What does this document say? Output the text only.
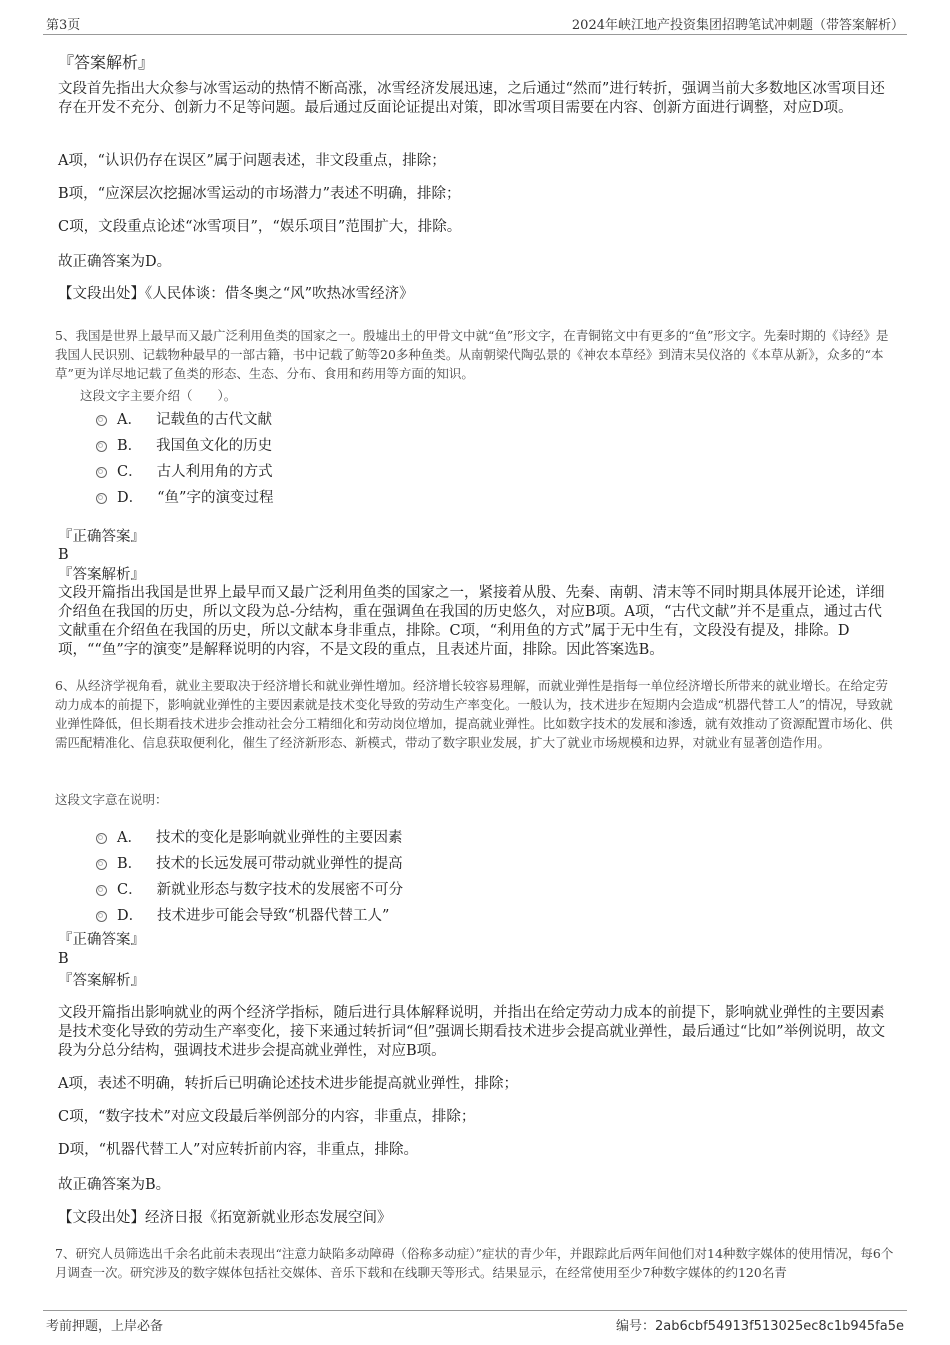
第3页	2024年峡江地产投资集团招聘笔试冲刺题（带答案解析）
『答案解析』

文段首先指出大众参与冰雪运动的热情不断高涨，冰雪经济发展迅速，之后通过“然而”进行转折，强调当前大多数地区冰雪项目还存在开发不充分、创新力不足等问题。最后通过反面论证提出对策，即冰雪项目需要在内容、创新方面进行调整，对应D项。

A项，“认识仍存在误区”属于问题表述，非文段重点，排除；

B项，“应深层次挖掘冰雪运动的市场潜力”表述不明确，排除；

C项，文段重点论述“冰雪项目”，“娱乐项目”范围扩大，排除。

故正确答案为D。

【文段出处】《人民体谈：借冬奥之“风”吹热冰雪经济》

5、我国是世界上最早而又最广泛利用鱼类的国家之一。殷墟出土的甲骨文中就“鱼”形文字，在青铜铭文中有更多的“鱼”形文字。先秦时期的《诗经》是我国人民识别、记载物种最早的一部古籍，书中记载了鲂等20多种鱼类。从南朝梁代陶弘景的《神农本草经》到清末吴仪洛的《本草从新》，众多的“本草”更为详尽地记载了鱼类的形态、生态、分布、食用和药用等方面的知识。

这段文字主要介绍（　　）。

A． 记载鱼的古代文献
B． 我国鱼文化的历史
C． 古人利用角的方式
D． “鱼”字的演变过程

『正确答案』

B

『答案解析』

文段开篇指出我国是世界上最早而又最广泛利用鱼类的国家之一，紧接着从殷、先秦、南朝、清末等不同时期具体展开论述，详细介绍鱼在我国的历史，所以文段为总-分结构，重在强调鱼在我国的历史悠久，对应B项。A项，“古代文献”并不是重点，通过古代文献重在介绍鱼在我国的历史，所以文献本身非重点，排除。C项，“利用鱼的方式”属于无中生有，文段没有提及，排除。D项，““鱼”字的演变”是解释说明的内容，不是文段的重点，且表述片面，排除。因此答案选B。

6、从经济学视角看，就业主要取决于经济增长和就业弹性增加。经济增长较容易理解，而就业弹性是指每一单位经济增长所带来的就业增长。在给定劳动力成本的前提下，影响就业弹性的主要因素就是技术变化导致的劳动生产率变化。一般认为，技术进步在短期内会造成“机器代替工人”的情况，导致就业弹性降低，但长期看技术进步会推动社会分工精细化和劳动岗位增加，提高就业弹性。比如数字技术的发展和渗透，就有效推动了资源配置市场化、供需匹配精准化、信息获取便利化，催生了经济新形态、新模式，带动了数字职业发展，扩大了就业市场规模和边界，对就业有显著创造作用。

这段文字意在说明：

A． 技术的变化是影响就业弹性的主要因素
B． 技术的长远发展可带动就业弹性的提高
C． 新就业形态与数字技术的发展密不可分
D． 技术进步可能会导致“机器代替工人”

『正确答案』

B

『答案解析』

文段开篇指出影响就业的两个经济学指标，随后进行具体解释说明，并指出在给定劳动力成本的前提下，影响就业弹性的主要因素是技术变化导致的劳动生产率变化，接下来通过转折词“但”强调长期看技术进步会提高就业弹性，最后通过“比如”举例说明，故文段为分总分结构，强调技术进步会提高就业弹性，对应B项。

A项，表述不明确，转折后已明确论述技术进步能提高就业弹性，排除；

C项，“数字技术”对应文段最后举例部分的内容，非重点，排除；

D项，“机器代替工人”对应转折前内容，非重点，排除。

故正确答案为B。

【文段出处】经济日报《拓宽新就业形态发展空间》

7、研究人员筛选出千余名此前未表现出“注意力缺陷多动障碍（俗称多动症）”症状的青少年，并跟踪此后两年间他们对14种数字媒体的使用情况，每6个月调查一次。研究涉及的数字媒体包括社交媒体、音乐下载和在线聊天等形式。结果显示，在经常使用至少7种数字媒体的约120名青

考前押题，上岸必备	编号：2ab6cbf54913f513025ec8c1b945fa5e
